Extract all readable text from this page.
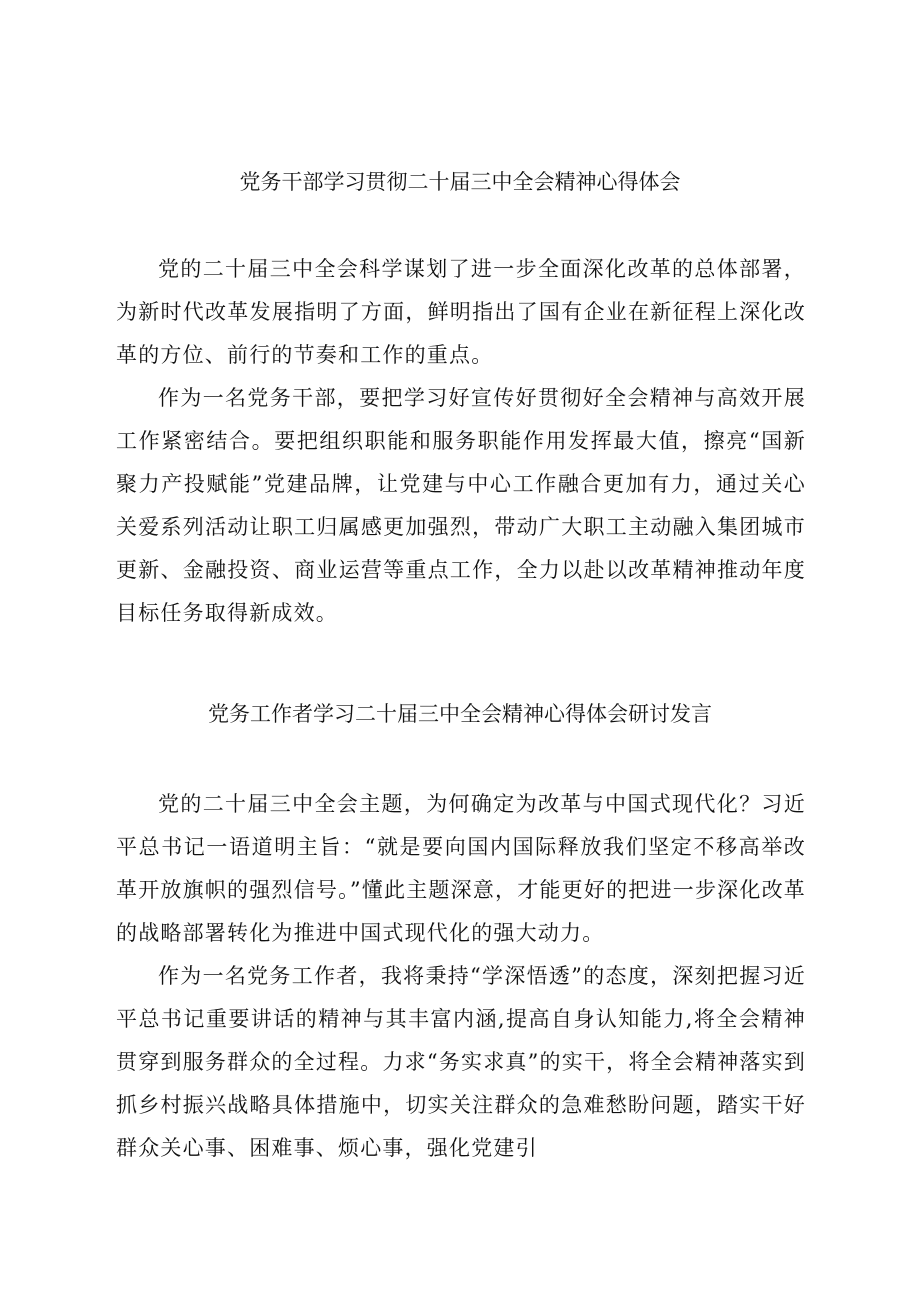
党务干部学习贯彻二十届三中全会精神心得体会

党的二十届三中全会科学谋划了进一步全面深化改革的总体部署，为新时代改革发展指明了方面，鲜明指出了国有企业在新征程上深化改革的方位、前行的节奏和工作的重点。

作为一名党务干部，要把学习好宣传好贯彻好全会精神与高效开展工作紧密结合。要把组织职能和服务职能作用发挥最大值，擦亮“国新聚力产投赋能”党建品牌，让党建与中心工作融合更加有力，通过关心关爱系列活动让职工归属感更加强烈，带动广大职工主动融入集团城市更新、金融投资、商业运营等重点工作，全力以赴以改革精神推动年度目标任务取得新成效。

党务工作者学习二十届三中全会精神心得体会研讨发言

党的二十届三中全会主题，为何确定为改革与中国式现代化？习近平总书记一语道明主旨：“就是要向国内国际释放我们坚定不移高举改革开放旗帜的强烈信号。”懂此主题深意，才能更好的把进一步深化改革的战略部署转化为推进中国式现代化的强大动力。

作为一名党务工作者，我将秉持“学深悟透”的态度，深刻把握习近平总书记重要讲话的精神与其丰富内涵,提高自身认知能力,将全会精神贯穿到服务群众的全过程。力求“务实求真”的实干，将全会精神落实到抓乡村振兴战略具体措施中，切实关注群众的急难愁盼问题，踏实干好群众关心事、困难事、烦心事，强化党建引
